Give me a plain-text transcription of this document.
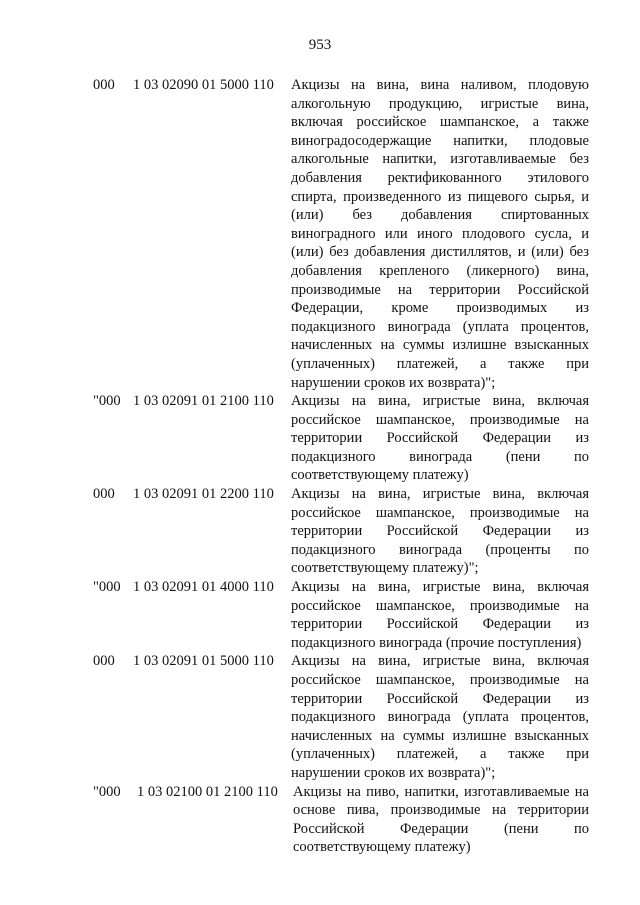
953
000 1 03 02090 01 5000 110 Акцизы на вина, вина наливом, плодовую
алкогольную продукцию, игристые вина,
включая российское шампанское, а также
виноградосодержащие напитки, плодовые
алкогольные напитки, изготавливаемые без
добавления ректификованного этилового
спирта, произведенного из пищевого сырья, и
(или) без добавления спиртованных
виноградного или иного плодового сусла, и
(или) без добавления дистиллятов, и (или) без
добавления крепленого (ликерного) вина,
производимые на территории Российской
Федерации, кроме производимых из
подакцизного винограда (уплата процентов,
начисленных на суммы излишне взысканных
(уплаченных) платежей, а также при
нарушении сроков их возврата)";
"000 1 03 02091 01 2100 110 Акцизы на вина, игристые вина, включая
российское шампанское, производимые на
территории Российской Федерации из
подакцизного винограда (пени по
соответствующему платежу)
000 1 03 02091 01 2200 110 Акцизы на вина, игристые вина, включая
российское шампанское, производимые на
территории Российской Федерации из
подакцизного винограда (проценты по
соответствующему платежу)";
"000 1 03 02091 01 4000 110 Акцизы на вина, игристые вина, включая
российское шампанское, производимые на
территории Российской Федерации из
подакцизного винограда (прочие поступления)
000 1 03 02091 01 5000 110 Акцизы на вина, игристые вина, включая
российское шампанское, производимые на
территории Российской Федерации из
подакцизного винограда (уплата процентов,
начисленных на суммы излишне взысканных
(уплаченных) платежей, а также при
нарушении сроков их возврата)";
"000 1 03 02100 01 2100 110 Акцизы на пиво, напитки, изготавливаемые на
основе пива, производимые на территории
Российской Федерации (пени по
соответствующему платежу)
